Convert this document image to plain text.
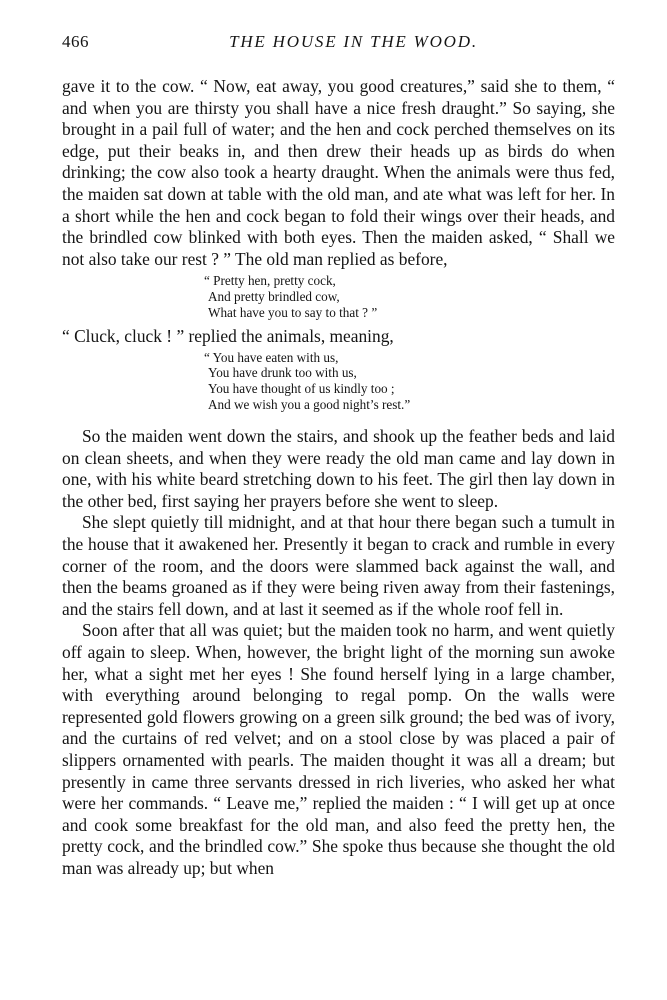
466	THE HOUSE IN THE WOOD.

gave it to the cow. “ Now, eat away, you good creatures,” said she to them, “ and when you are thirsty you shall have a nice fresh draught.” So saying, she brought in a pail full of water; and the hen and cock perched themselves on its edge, put their beaks in, and then drew their heads up as birds do when drinking; the cow also took a hearty draught. When the animals were thus fed, the maiden sat down at table with the old man, and ate what was left for her. In a short while the hen and cock began to fold their wings over their heads, and the brindled cow blinked with both eyes. Then the maiden asked, “ Shall we not also take our rest ? ” The old man replied as before,

“ Pretty hen, pretty cock,
And pretty brindled cow,
What have you to say to that ? ”

“ Cluck, cluck ! ” replied the animals, meaning,

“ You have eaten with us,
You have drunk too with us,
You have thought of us kindly too ;
And we wish you a good night’s rest.”

So the maiden went down the stairs, and shook up the feather beds and laid on clean sheets, and when they were ready the old man came and lay down in one, with his white beard stretching down to his feet. The girl then lay down in the other bed, first saying her prayers before she went to sleep.

She slept quietly till midnight, and at that hour there began such a tumult in the house that it awakened her. Presently it began to crack and rumble in every corner of the room, and the doors were slammed back against the wall, and then the beams groaned as if they were being riven away from their fastenings, and the stairs fell down, and at last it seemed as if the whole roof fell in.

Soon after that all was quiet; but the maiden took no harm, and went quietly off again to sleep. When, however, the bright light of the morning sun awoke her, what a sight met her eyes ! She found herself lying in a large chamber, with everything around belonging to regal pomp. On the walls were represented gold flowers growing on a green silk ground; the bed was of ivory, and the curtains of red velvet; and on a stool close by was placed a pair of slippers ornamented with pearls. The maiden thought it was all a dream; but presently in came three servants dressed in rich liveries, who asked her what were her commands. “ Leave me,” replied the maiden : “ I will get up at once and cook some breakfast for the old man, and also feed the pretty hen, the pretty cock, and the brindled cow.” She spoke thus because she thought the old man was already up; but when
